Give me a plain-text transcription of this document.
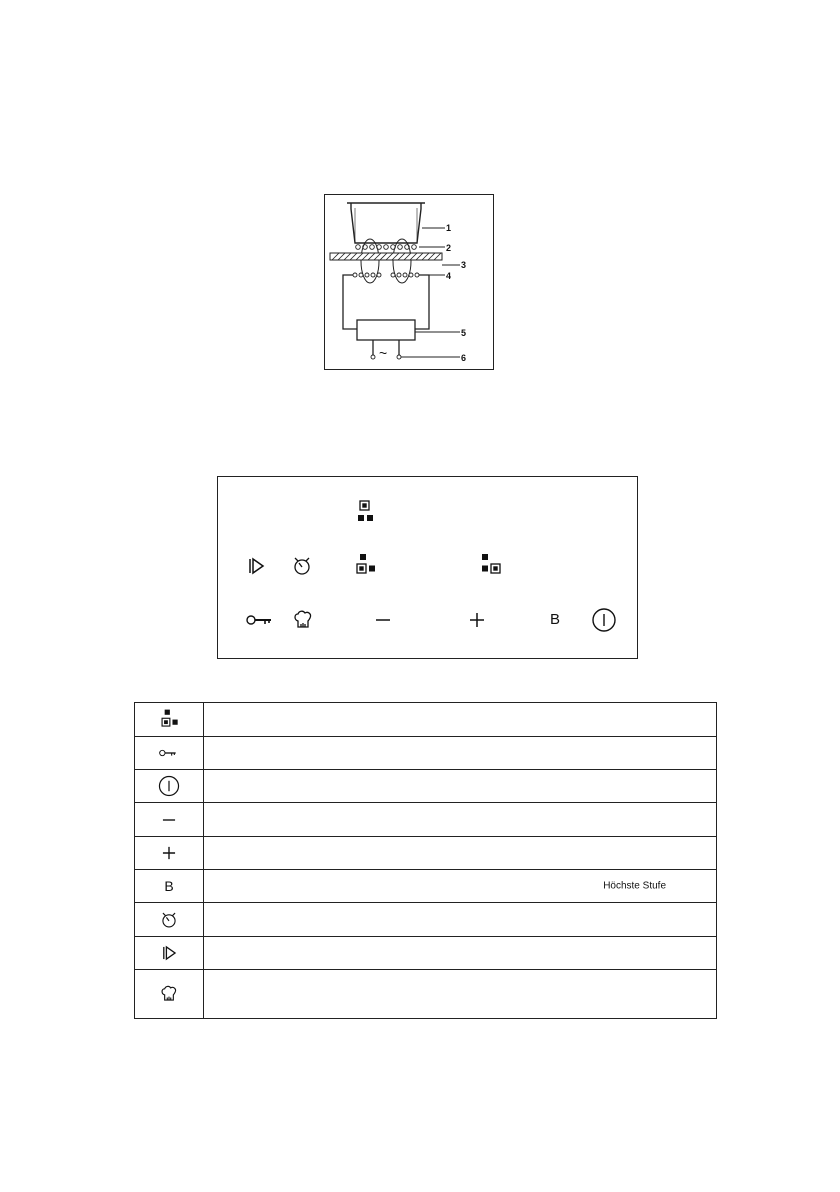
~
1
2
3
4
5
6
B

B	Höchste Stufe
